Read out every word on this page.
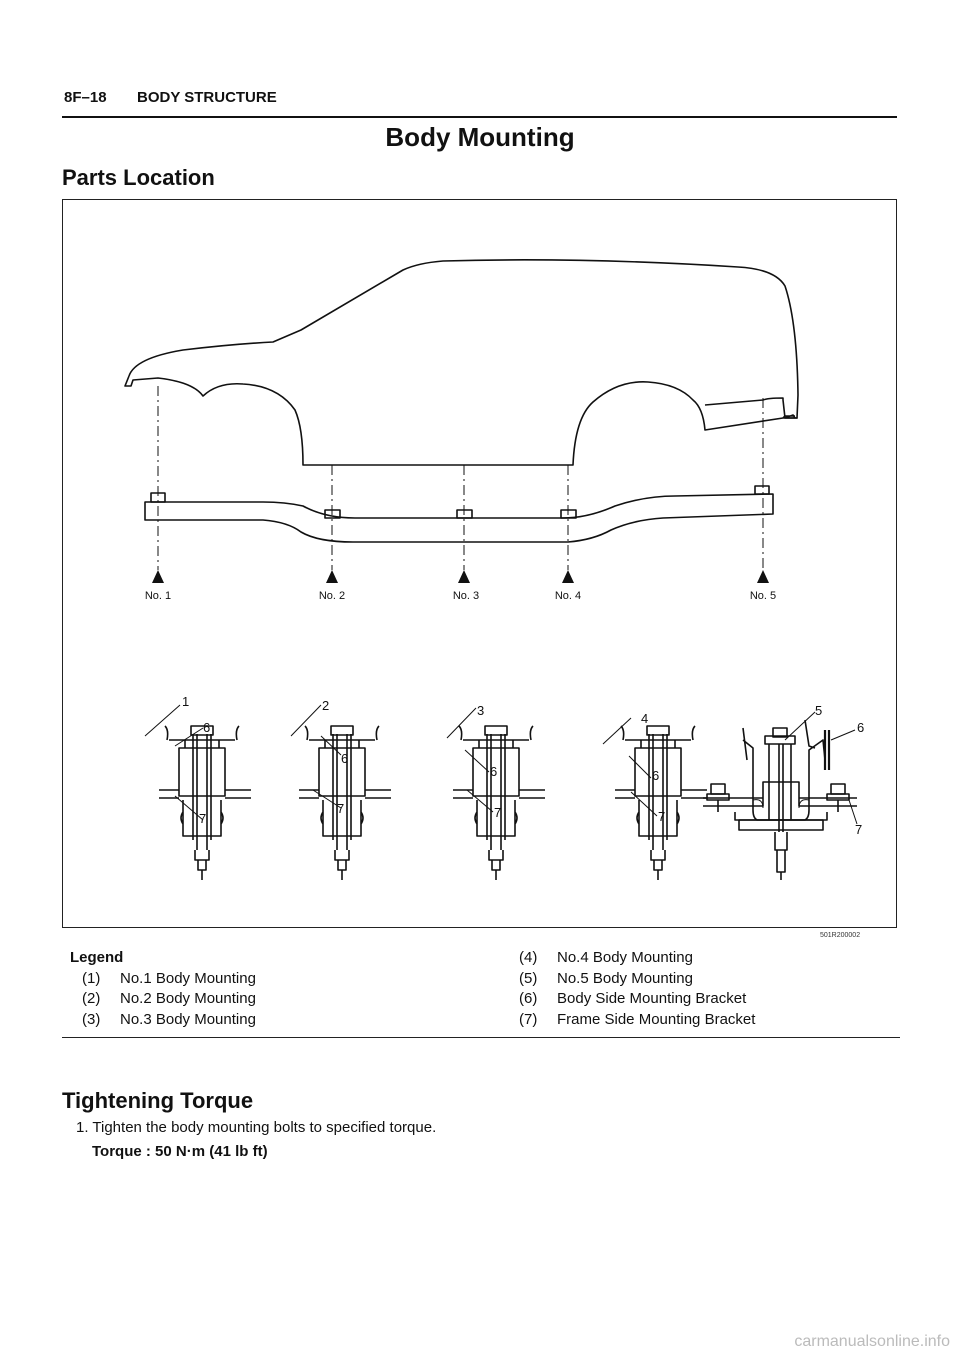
8F–18 BODY STRUCTURE
Body Mounting
Parts Location
No. 1	No. 2	No. 3	No. 4	No. 5
1
6
7
2
6
7
3
6
7
4
6
7
5
6
7
501R200002
Legend
(1) No.1 Body Mounting
(2) No.2 Body Mounting
(3) No.3 Body Mounting
(4) No.4 Body Mounting
(5) No.5 Body Mounting
(6) Body Side Mounting Bracket
(7) Frame Side Mounting Bracket
Tightening Torque
1. Tighten the body mounting bolts to specified torque.
Torque : 50 N·m (41 lb ft)
carmanualsonline.info
